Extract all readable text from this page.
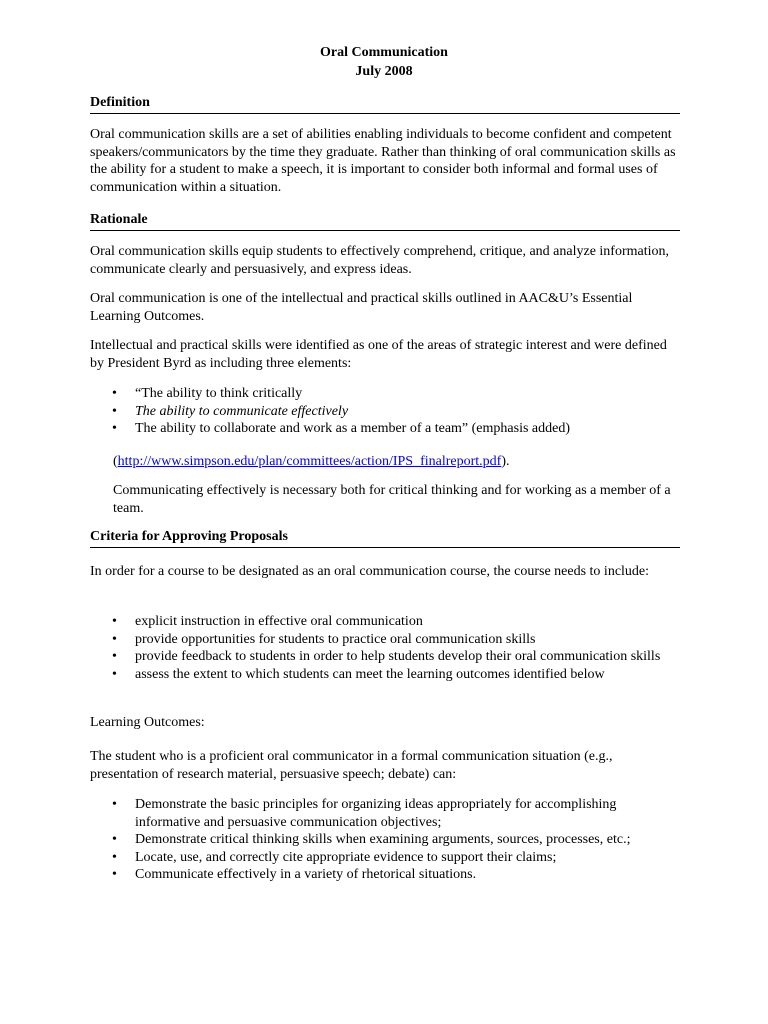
Oral Communication
July 2008
Definition

Oral communication skills are a set of abilities enabling individuals to become confident and competent speakers/communicators by the time they graduate. Rather than thinking of oral communication skills as the ability for a student to make a speech, it is important to consider both informal and formal uses of communication within a situation.

Rationale

Oral communication skills equip students to effectively comprehend, critique, and analyze information, communicate clearly and persuasively, and express ideas.

Oral communication is one of the intellectual and practical skills outlined in AAC&U’s Essential Learning Outcomes.

Intellectual and practical skills were identified as one of the areas of strategic interest and were defined by President Byrd as including three elements:

• “The ability to think critically
• The ability to communicate effectively
• The ability to collaborate and work as a member of a team” (emphasis added)

(http://www.simpson.edu/plan/committees/action/IPS_finalreport.pdf).

Communicating effectively is necessary both for critical thinking and for working as a member of a team.

Criteria for Approving Proposals

In order for a course to be designated as an oral communication course, the course needs to include:

• explicit instruction in effective oral communication
• provide opportunities for students to practice oral communication skills
• provide feedback to students in order to help students develop their oral communication skills
• assess the extent to which students can meet the learning outcomes identified below

Learning Outcomes:

The student who is a proficient oral communicator in a formal communication situation (e.g., presentation of research material, persuasive speech; debate) can:

• Demonstrate the basic principles for organizing ideas appropriately for accomplishing informative and persuasive communication objectives;
• Demonstrate critical thinking skills when examining arguments, sources, processes, etc.;
• Locate, use, and correctly cite appropriate evidence to support their claims;
• Communicate effectively in a variety of rhetorical situations.
